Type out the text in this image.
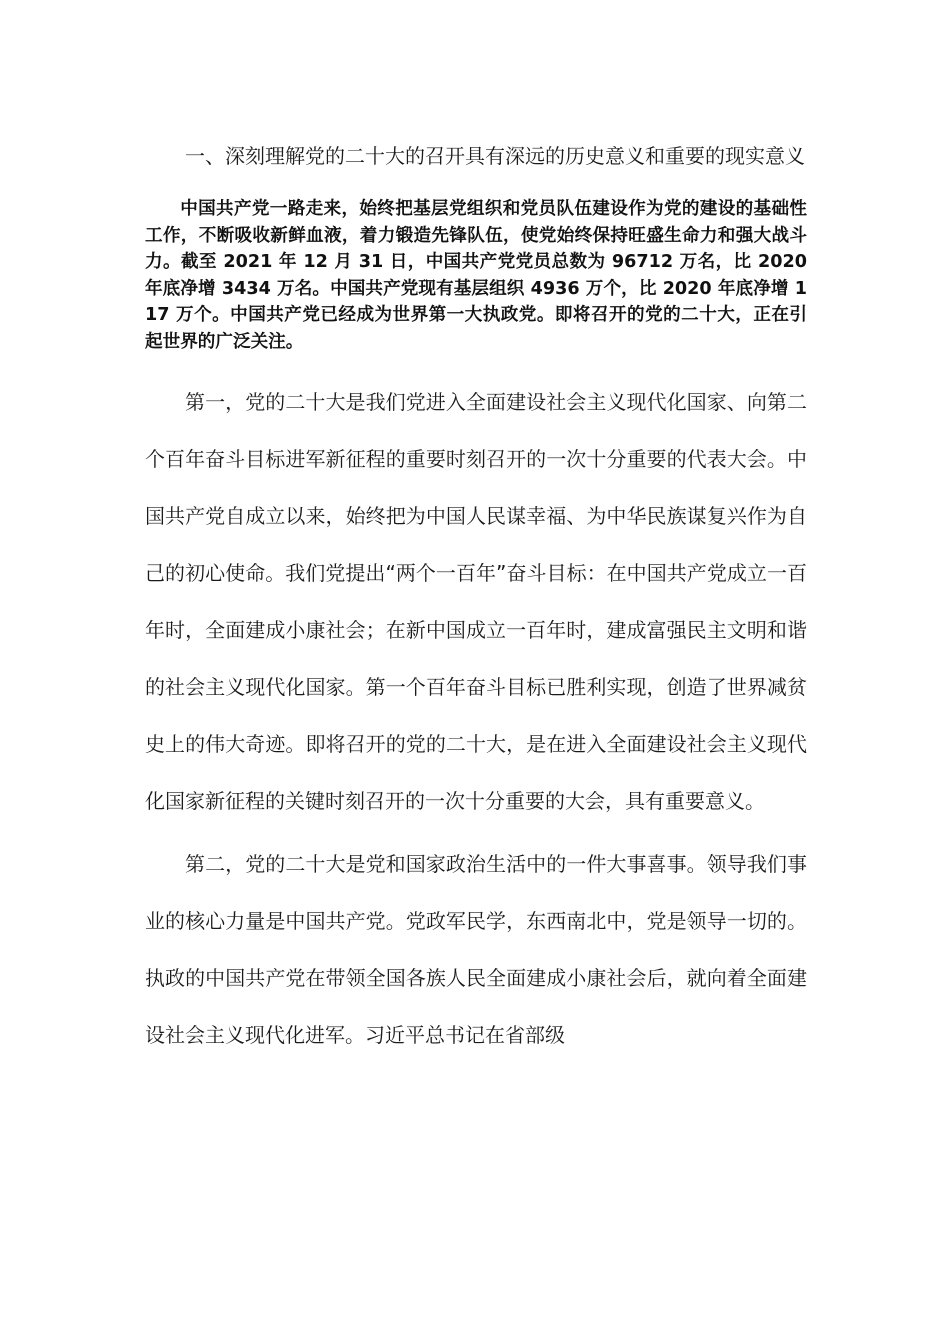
一、深刻理解党的二十大的召开具有深远的历史意义和重要的现实意义

中国共产党一路走来，始终把基层党组织和党员队伍建设作为党的建设的基础性工作，不断吸收新鲜血液，着力锻造先锋队伍，使党始终保持旺盛生命力和强大战斗力。截至 2021 年 12 月 31 日，中国共产党党员总数为 96712 万名，比 2020 年底净增 3434 万名。中国共产党现有基层组织 4936 万个，比 2020 年底净增 117 万个。中国共产党已经成为世界第一大执政党。即将召开的党的二十大，正在引起世界的广泛关注。

第一，党的二十大是我们党进入全面建设社会主义现代化国家、向第二个百年奋斗目标进军新征程的重要时刻召开的一次十分重要的代表大会。中国共产党自成立以来，始终把为中国人民谋幸福、为中华民族谋复兴作为自己的初心使命。我们党提出“两个一百年”奋斗目标：在中国共产党成立一百年时，全面建成小康社会；在新中国成立一百年时，建成富强民主文明和谐的社会主义现代化国家。第一个百年奋斗目标已胜利实现，创造了世界减贫史上的伟大奇迹。即将召开的党的二十大，是在进入全面建设社会主义现代化国家新征程的关键时刻召开的一次十分重要的大会，具有重要意义。

第二，党的二十大是党和国家政治生活中的一件大事喜事。领导我们事业的核心力量是中国共产党。党政军民学，东西南北中，党是领导一切的。执政的中国共产党在带领全国各族人民全面建成小康社会后，就向着全面建设社会主义现代化进军。习近平总书记在省部级
